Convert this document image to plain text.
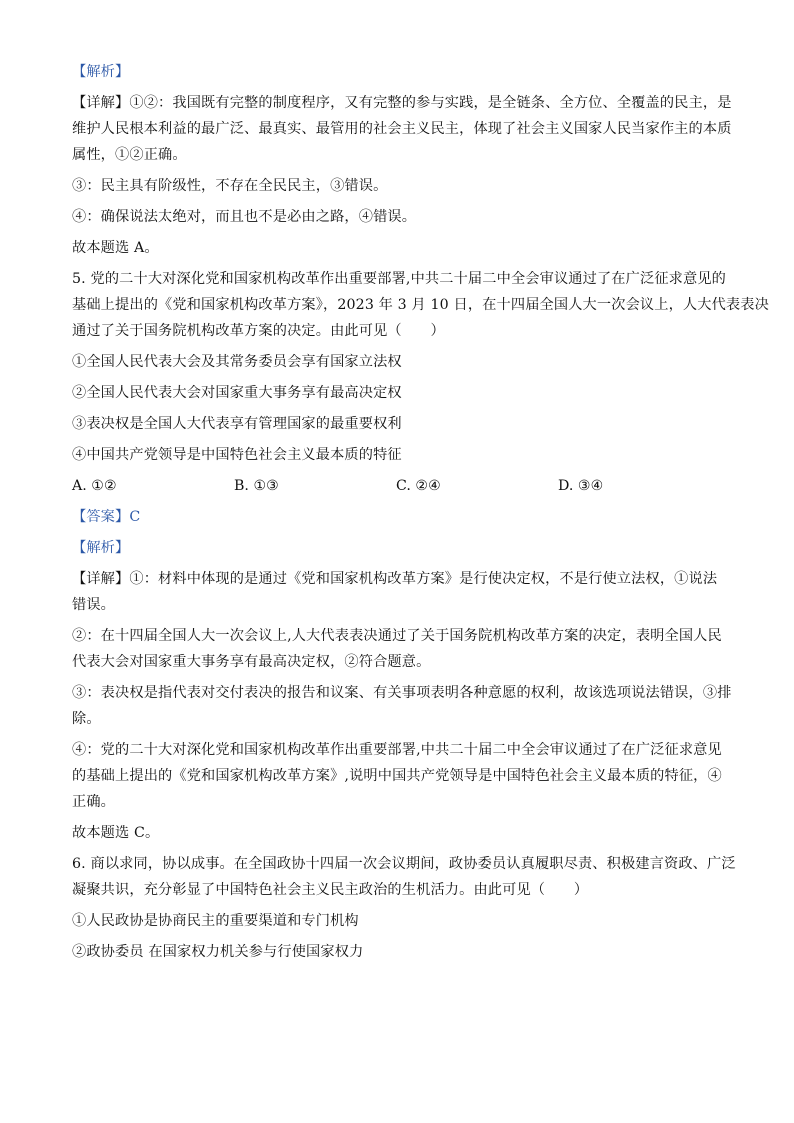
【解析】
【详解】①②：我国既有完整的制度程序，又有完整的参与实践，是全链条、全方位、全覆盖的民主，是
维护人民根本利益的最广泛、最真实、最管用的社会主义民主，体现了社会主义国家人民当家作主的本质
属性，①②正确。
③：民主具有阶级性，不存在全民民主，③错误。
④：确保说法太绝对，而且也不是必由之路，④错误。
故本题选 A。
5. 党的二十大对深化党和国家机构改革作出重要部署,中共二十届二中全会审议通过了在广泛征求意见的
基础上提出的《党和国家机构改革方案》，2023 年 3 月 10 日，在十四届全国人大一次会议上，人大代表表决
通过了关于国务院机构改革方案的决定。由此可见（　　）
①全国人民代表大会及其常务委员会享有国家立法权
②全国人民代表大会对国家重大事务享有最高决定权
③表决权是全国人大代表享有管理国家的最重要权利
④中国共产党领导是中国特色社会主义最本质的特征
A. ①②	B. ①③	C. ②④	D. ③④
【答案】C
【解析】
【详解】①：材料中体现的是通过《党和国家机构改革方案》是行使决定权，不是行使立法权，①说法
错误。
②：在十四届全国人大一次会议上,人大代表表决通过了关于国务院机构改革方案的决定，表明全国人民
代表大会对国家重大事务享有最高决定权，②符合题意。
③：表决权是指代表对交付表决的报告和议案、有关事项表明各种意愿的权利，故该选项说法错误，③排
除。
④：党的二十大对深化党和国家机构改革作出重要部署,中共二十届二中全会审议通过了在广泛征求意见
的基础上提出的《党和国家机构改革方案》,说明中国共产党领导是中国特色社会主义最本质的特征，④
正确。
故本题选 C。
6. 商以求同，协以成事。在全国政协十四届一次会议期间，政协委员认真履职尽责、积极建言资政、广泛
凝聚共识，充分彰显了中国特色社会主义民主政治的生机活力。由此可见（　　）
①人民政协是协商民主的重要渠道和专门机构
②政协委员 在国家权力机关参与行使国家权力
